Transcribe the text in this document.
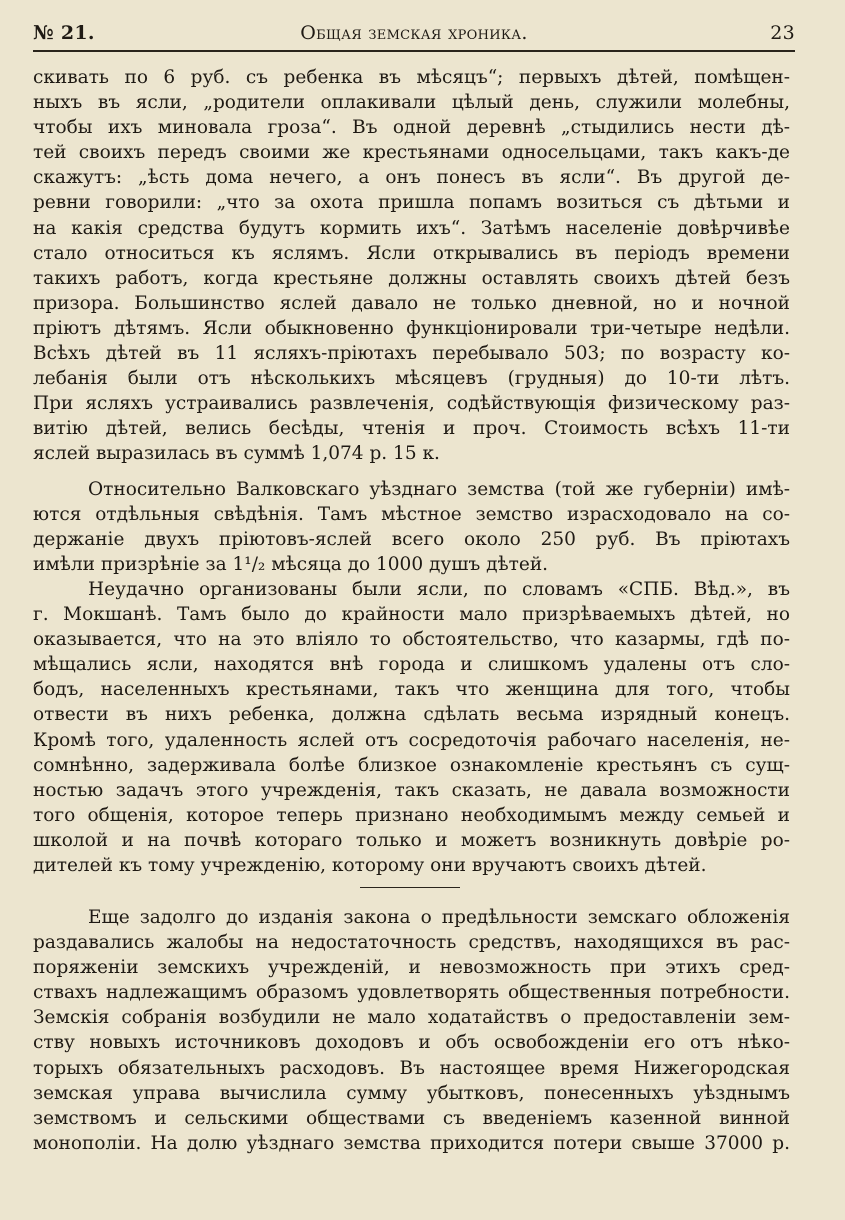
№ 21.	Общая земская хроника.	23
скивать по 6 руб. съ ребенка въ мѣсяцъ“; первыхъ дѣтей, помѣщен-
ныхъ въ ясли, „родители оплакивали цѣлый день, служили молебны,
чтобы ихъ миновала гроза“. Въ одной деревнѣ „стыдились нести дѣ-
тей своихъ передъ своими же крестьянами односельцами, такъ какъ-де
скажутъ: „ѣсть дома нечего, а онъ понесъ въ ясли“. Въ другой де-
ревни говорили: „что за охота пришла попамъ возиться съ дѣтьми и
на какія средства будутъ кормить ихъ“. Затѣмъ населеніе довѣрчивѣе
стало относиться къ яслямъ. Ясли открывались въ періодъ времени
такихъ работъ, когда крестьяне должны оставлять своихъ дѣтей безъ
призора. Большинство яслей давало не только дневной, но и ночной
пріютъ дѣтямъ. Ясли обыкновенно функціонировали три-четыре недѣли.
Всѣхъ дѣтей въ 11 ясляхъ-пріютахъ перебывало 503; по возрасту ко-
лебанія были отъ нѣсколькихъ мѣсяцевъ (грудныя) до 10-ти лѣтъ.
При ясляхъ устраивались развлеченія, содѣйствующія физическому раз-
витію дѣтей, велись бесѣды, чтенія и проч. Стоимость всѣхъ 11-ти
яслей выразилась въ суммѣ 1,074 р. 15 к.
Относительно Валковскаго уѣзднаго земства (той же губерніи) имѣ-
ются отдѣльныя свѣдѣнія. Тамъ мѣстное земство израсходовало на со-
держаніе двухъ пріютовъ-яслей всего около 250 руб. Въ пріютахъ
имѣли призрѣніе за 1¹/₂ мѣсяца до 1000 душъ дѣтей.
Неудачно организованы были ясли, по словамъ «СПБ. Вѣд.», въ
г. Мокшанѣ. Тамъ было до крайности мало призрѣваемыхъ дѣтей, но
оказывается, что на это вліяло то обстоятельство, что казармы, гдѣ по-
мѣщались ясли, находятся внѣ города и слишкомъ удалены отъ сло-
бодъ, населенныхъ крестьянами, такъ что женщина для того, чтобы
отвести въ нихъ ребенка, должна сдѣлать весьма изрядный конецъ.
Кромѣ того, удаленность яслей отъ сосредоточія рабочаго населенія, не-
сомнѣнно, задерживала болѣе близкое ознакомленіе крестьянъ съ сущ-
ностью задачъ этого учрежденія, такъ сказать, не давала возможности
того общенія, которое теперь признано необходимымъ между семьей и
школой и на почвѣ котораго только и можетъ возникнуть довѣріе ро-
дителей къ тому учрежденію, которому они вручаютъ своихъ дѣтей.
Еще задолго до изданія закона о предѣльности земскаго обложенія
раздавались жалобы на недостаточность средствъ, находящихся въ рас-
поряженіи земскихъ учрежденій, и невозможность при этихъ сред-
ствахъ надлежащимъ образомъ удовлетворять общественныя потребности.
Земскія собранія возбудили не мало ходатайствъ о предоставленіи зем-
ству новыхъ источниковъ доходовъ и объ освобожденіи его отъ нѣко-
торыхъ обязательныхъ расходовъ. Въ настоящее время Нижегородская
земская управа вычислила сумму убытковъ, понесенныхъ уѣзднымъ
земствомъ и сельскими обществами съ введеніемъ казенной винной
монополіи. На долю уѣзднаго земства приходится потери свыше 37000 р.
